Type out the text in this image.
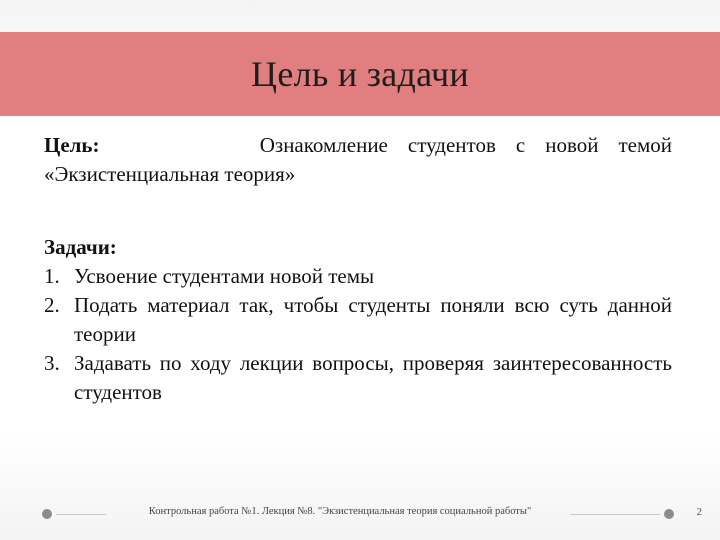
Цель и задачи
Цель:	Ознакомление студентов с новой темой «Экзистенциальная теория»
Задачи:
1. Усвоение студентами новой темы
2. Подать материал так, чтобы студенты поняли всю суть данной теории
3. Задавать по ходу лекции вопросы, проверяя заинтересованность студентов
Контрольная работа №1. Лекция №8. "Экзистенциальная теория социальной работы"	2
